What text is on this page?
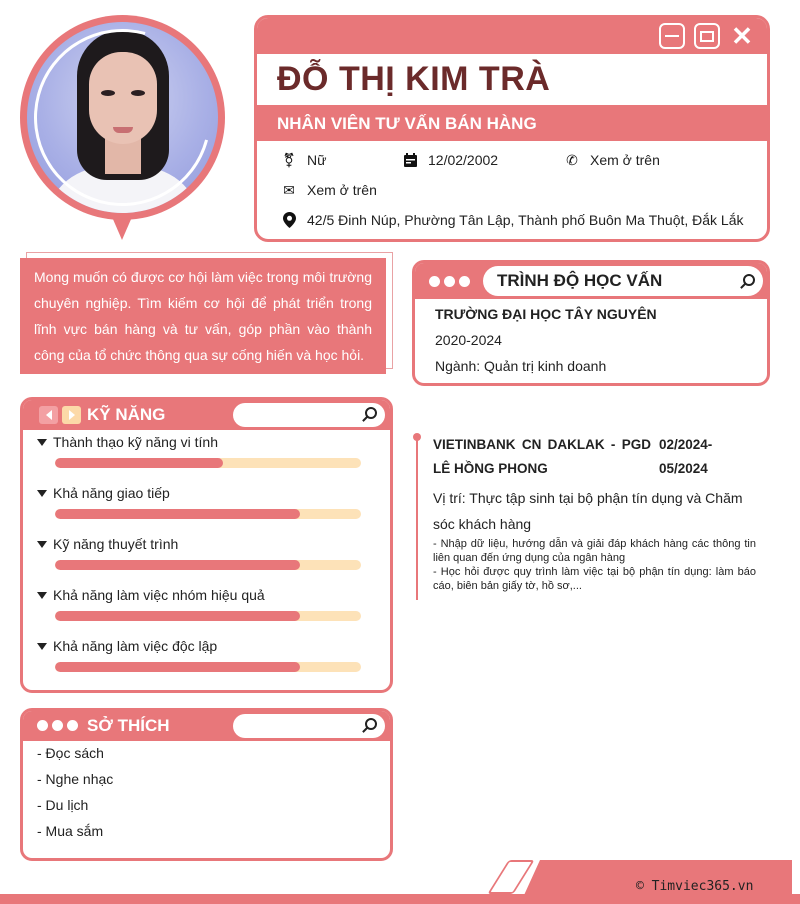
✕
ĐỖ THỊ KIM TRÀ
NHÂN VIÊN TƯ VẤN BÁN HÀNG
⚧ Nữ	12/02/2002	✆ Xem ở trên
✉ Xem ở trên
42/5 Đinh Núp, Phường Tân Lập, Thành phố Buôn Ma Thuột, Đắk Lắk
Mong muốn có được cơ hội làm việc trong môi trường chuyên nghiệp. Tìm kiếm cơ hội để phát triển trong lĩnh vực bán hàng và tư vấn, góp phần vào thành công của tổ chức thông qua sự cống hiến và học hỏi.
TRÌNH ĐỘ HỌC VẤN
TRƯỜNG ĐẠI HỌC TÂY NGUYÊN
2020-2024
Ngành: Quản trị kinh doanh
KỸ NĂNG
Thành thạo kỹ năng vi tính
Khả năng giao tiếp
Kỹ năng thuyết trình
Khả năng làm việc nhóm hiệu quả
Khả năng làm việc độc lập
SỞ THÍCH
- Đọc sách
- Nghe nhạc
- Du lịch
- Mua sắm
VIETINBANK CN DAKLAK - PGD LÊ HỒNG PHONG
02/2024- 05/2024
Vị trí: Thực tập sinh tại bộ phận tín dụng và Chăm sóc khách hàng
- Nhập dữ liệu, hướng dẫn và giải đáp khách hàng các thông tin liên quan đến ứng dụng của ngân hàng
- Học hỏi được quy trình làm việc tại bộ phận tín dụng: làm báo cáo, biên bản giấy tờ, hồ sơ,...
© Timviec365.vn
